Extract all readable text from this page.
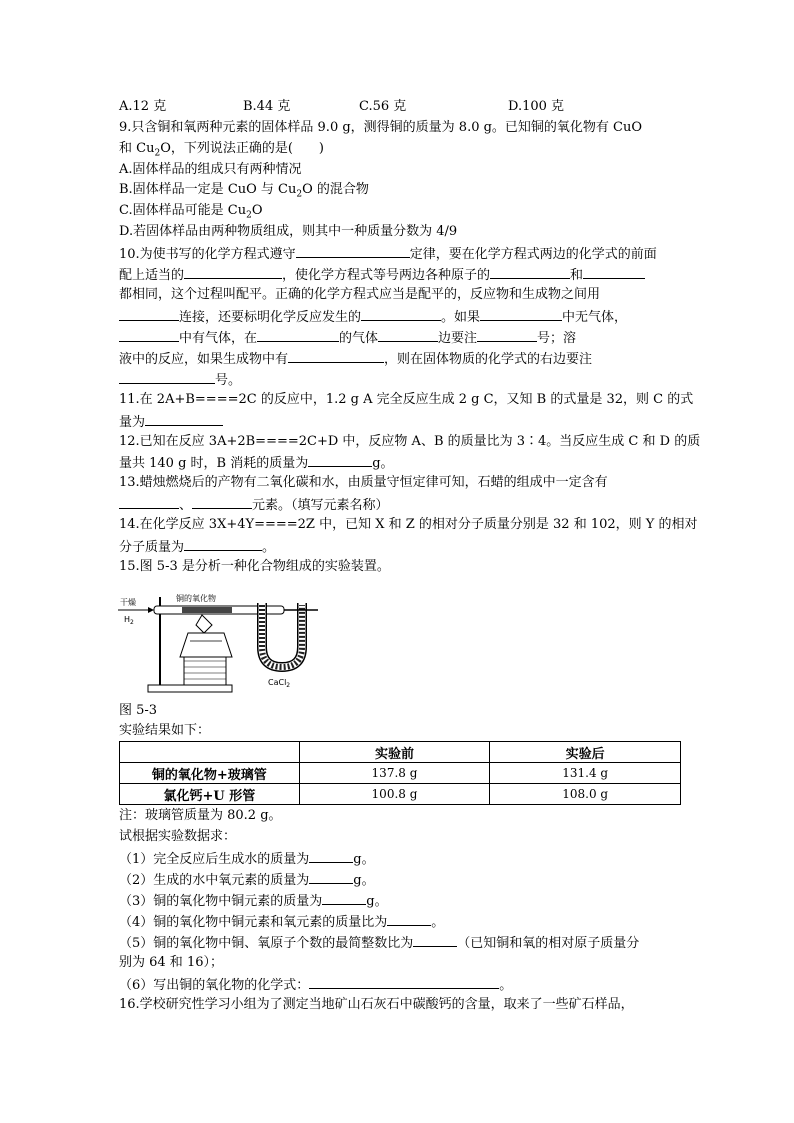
A.12 克	B.44 克	C.56 克	D.100 克
9.只含铜和氧两种元素的固体样品 9.0 g，测得铜的质量为 8.0 g。已知铜的氧化物有 CuO
和 $Cu_2O$，下列说法正确的是(　　)
A.固体样品的组成只有两种情况
B.固体样品一定是 CuO 与 $Cu_2O$ 的混合物
C.固体样品可能是 $Cu_2O$
D.若固体样品由两种物质组成，则其中一种质量分数为 4/9
10.为使书写的化学方程式遵守	定律，要在化学方程式两边的化学式的前面
配上适当的	，使化学方程式等号两边各种原子的	和
都相同，这个过程叫配平。正确的化学方程式应当是配平的，反应物和生成物之间用
连接，还要标明化学反应发生的	。如果	中无气体，
中有气体，在	的气体	边要注	号；溶
液中的反应，如果生成物中有	，则在固体物质的化学式的右边要注
号。
11.在 2A+B====2C 的反应中，1.2 g A 完全反应生成 2 g C，又知 B 的式量是 32，则 C 的式
量为
12.已知在反应 3A+2B====2C+D 中，反应物 A、B 的质量比为 3∶4。当反应生成 C 和 D 的质
量共 140 g 时，B 消耗的质量为	g。
13.蜡烛燃烧后的产物有二氧化碳和水，由质量守恒定律可知，石蜡的组成中一定含有
、	元素。（填写元素名称）
14.在化学反应 3X+4Y====2Z 中，已知 X 和 Z 的相对分子质量分别是 32 和 102，则 Y 的相对
分子质量为	。
15.图 5-3 是分析一种化合物组成的实验装置。
干燥
$H_2$
铜的氧化物
CaCl$_2$
图 5-3
实验结果如下：
	实验前	实验后
铜的氧化物+玻璃管	137.8 g	131.4 g
氯化钙+U 形管	100.8 g	108.0 g
注：玻璃管质量为 80.2 g。
试根据实验数据求：
（1）完全反应后生成水的质量为	g。
（2）生成的水中氧元素的质量为	g。
（3）铜的氧化物中铜元素的质量为	g。
（4）铜的氧化物中铜元素和氧元素的质量比为	。
（5）铜的氧化物中铜、氧原子个数的最简整数比为	（已知铜和氧的相对原子质量分
别为 64 和 16）；
（6）写出铜的氧化物的化学式：	。
16.学校研究性学习小组为了测定当地矿山石灰石中碳酸钙的含量，取来了一些矿石样品，
